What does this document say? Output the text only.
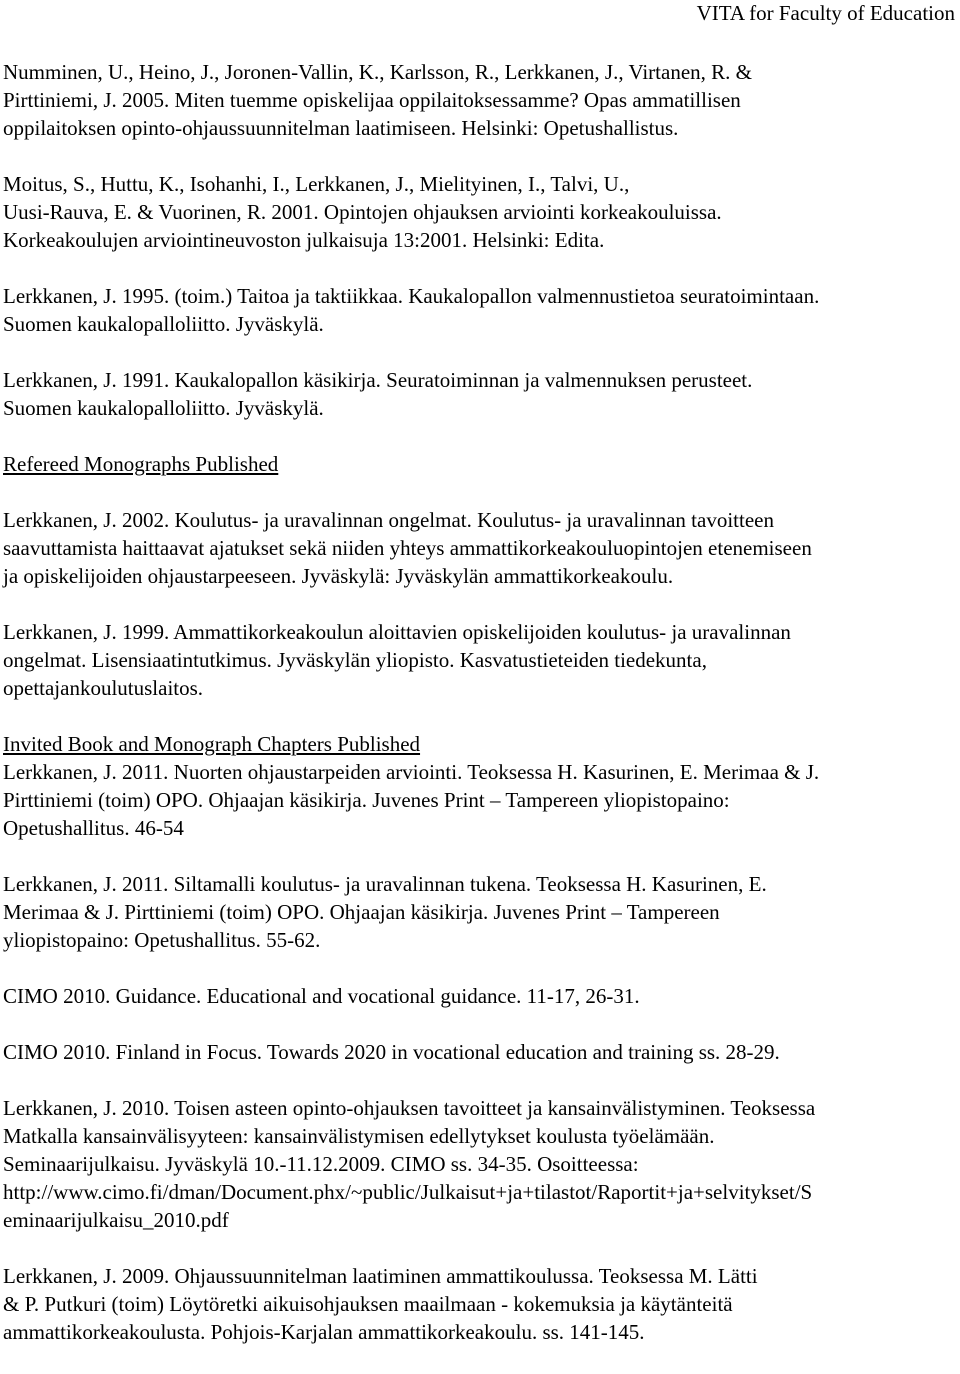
VITA for Faculty of Education
Numminen, U., Heino, J., Joronen-Vallin, K., Karlsson, R., Lerkkanen, J., Virtanen, R. &
Pirttiniemi, J. 2005. Miten tuemme opiskelijaa oppilaitoksessamme? Opas ammatillisen
oppilaitoksen opinto-ohjaussuunnitelman laatimiseen. Helsinki: Opetushallistus.
Moitus, S., Huttu, K., Isohanhi, I., Lerkkanen, J., Mielityinen, I., Talvi, U.,
Uusi-Rauva, E. & Vuorinen, R. 2001. Opintojen ohjauksen arviointi korkeakouluissa.
Korkeakoulujen arviointineuvoston julkaisuja 13:2001. Helsinki: Edita.
Lerkkanen, J. 1995. (toim.) Taitoa ja taktiikkaa. Kaukalopallon valmennustietoa seuratoimintaan.
Suomen kaukalopalloliitto. Jyväskylä.
Lerkkanen, J. 1991. Kaukalopallon käsikirja. Seuratoiminnan ja valmennuksen perusteet.
Suomen kaukalopalloliitto. Jyväskylä.
Refereed Monographs Published
Lerkkanen, J. 2002. Koulutus- ja uravalinnan ongelmat. Koulutus- ja uravalinnan tavoitteen
saavuttamista haittaavat ajatukset sekä niiden yhteys ammattikorkeakouluopintojen etenemiseen
ja opiskelijoiden ohjaustarpeeseen. Jyväskylä: Jyväskylän ammattikorkeakoulu.
Lerkkanen, J. 1999. Ammattikorkeakoulun aloittavien opiskelijoiden koulutus- ja uravalinnan
ongelmat. Lisensiaatintutkimus. Jyväskylän yliopisto. Kasvatustieteiden tiedekunta,
opettajankoulutuslaitos.
Invited Book and Monograph Chapters Published
Lerkkanen, J. 2011. Nuorten ohjaustarpeiden arviointi. Teoksessa H. Kasurinen, E. Merimaa & J.
Pirttiniemi (toim) OPO. Ohjaajan käsikirja. Juvenes Print – Tampereen yliopistopaino:
Opetushallitus. 46-54
Lerkkanen, J. 2011. Siltamalli koulutus- ja uravalinnan tukena. Teoksessa H. Kasurinen, E.
Merimaa & J. Pirttiniemi (toim) OPO. Ohjaajan käsikirja. Juvenes Print – Tampereen
yliopistopaino: Opetushallitus. 55-62.
CIMO 2010. Guidance. Educational and vocational guidance. 11-17, 26-31.
CIMO 2010. Finland in Focus. Towards 2020 in vocational education and training ss. 28-29.
Lerkkanen, J. 2010. Toisen asteen opinto-ohjauksen tavoitteet ja kansainvälistyminen. Teoksessa
Matkalla kansainvälisyyteen: kansainvälistymisen edellytykset koulusta työelämään.
Seminaarijulkaisu. Jyväskylä 10.-11.12.2009. CIMO ss. 34-35. Osoitteessa:
http://www.cimo.fi/dman/Document.phx/~public/Julkaisut+ja+tilastot/Raportit+ja+selvitykset/S
eminaarijulkaisu_2010.pdf
Lerkkanen, J. 2009. Ohjaussuunnitelman laatiminen ammattikoulussa. Teoksessa M. Lätti
& P. Putkuri (toim) Löytöretki aikuisohjauksen maailmaan - kokemuksia ja käytänteitä
ammattikorkeakoulusta. Pohjois-Karjalan ammattikorkeakoulu. ss. 141-145.
